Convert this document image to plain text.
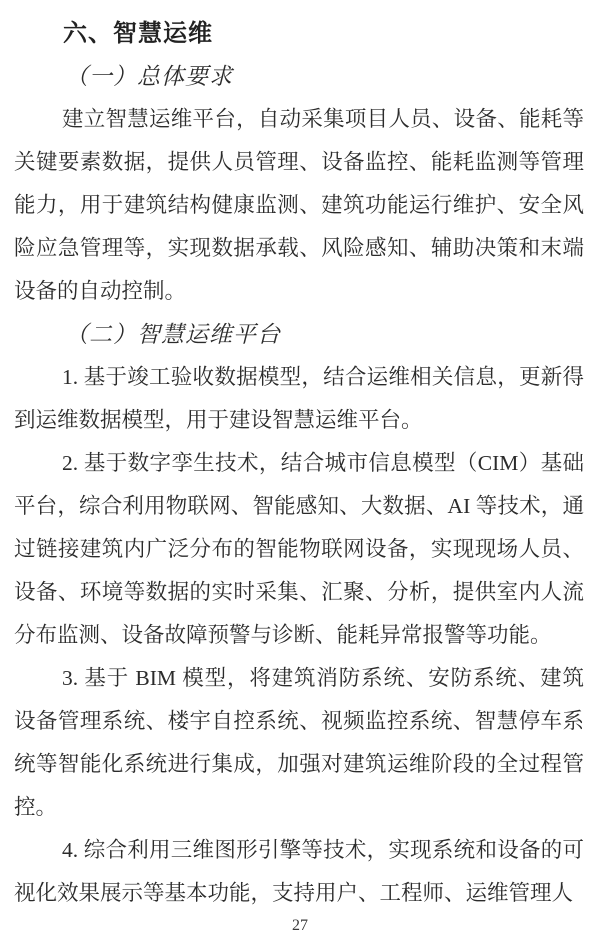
六、智慧运维
（一）总体要求

建立智慧运维平台，自动采集项目人员、设备、能耗等关键要素数据，提供人员管理、设备监控、能耗监测等管理能力，用于建筑结构健康监测、建筑功能运行维护、安全风险应急管理等，实现数据承载、风险感知、辅助决策和末端设备的自动控制。

（二）智慧运维平台

1. 基于竣工验收数据模型，结合运维相关信息，更新得到运维数据模型，用于建设智慧运维平台。

2. 基于数字孪生技术，结合城市信息模型（CIM）基础平台，综合利用物联网、智能感知、大数据、AI 等技术，通过链接建筑内广泛分布的智能物联网设备，实现现场人员、设备、环境等数据的实时采集、汇聚、分析，提供室内人流分布监测、设备故障预警与诊断、能耗异常报警等功能。

3. 基于 BIM 模型，将建筑消防系统、安防系统、建筑设备管理系统、楼宇自控系统、视频监控系统、智慧停车系统等智能化系统进行集成，加强对建筑运维阶段的全过程管控。

4. 综合利用三维图形引擎等技术，实现系统和设备的可视化效果展示等基本功能，支持用户、工程师、运维管理人

27
